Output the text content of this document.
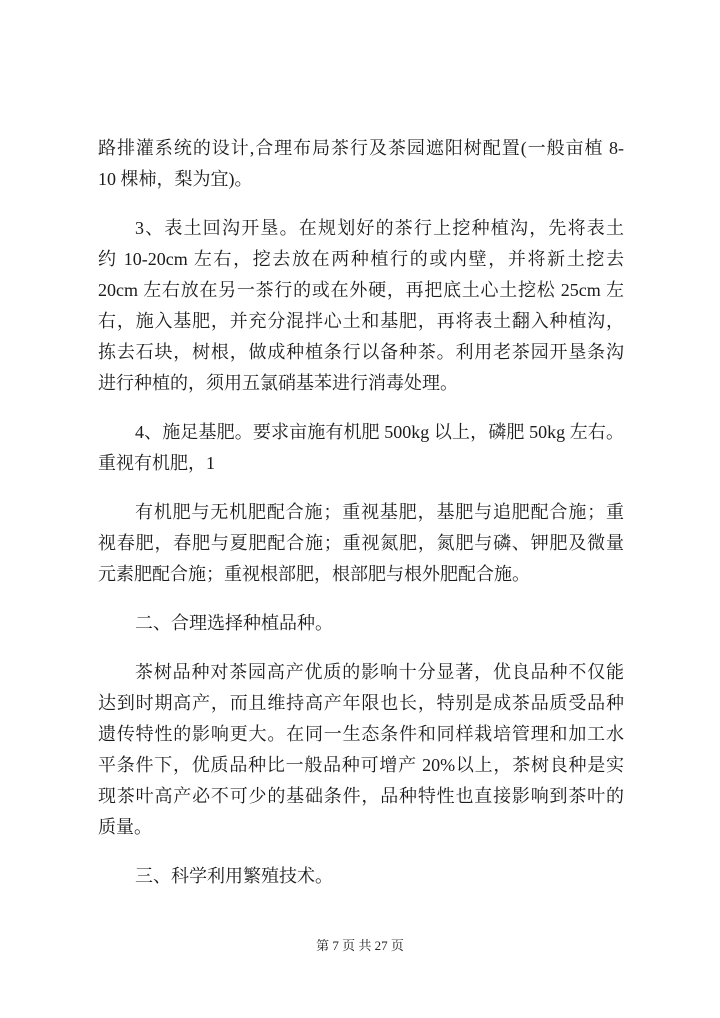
路排灌系统的设计,合理布局茶行及茶园遮阳树配置(一般亩植 8-
10 棵柿，梨为宜)。
3、表土回沟开垦。在规划好的茶行上挖种植沟，先将表土
约 10-20cm 左右，挖去放在两种植行的或内壁，并将新土挖去
20cm 左右放在另一茶行的或在外硬，再把底土心土挖松 25cm 左
右，施入基肥，并充分混拌心土和基肥，再将表土翻入种植沟，
拣去石块，树根，做成种植条行以备种茶。利用老茶园开垦条沟
进行种植的，须用五氯硝基苯进行消毒处理。
4、施足基肥。要求亩施有机肥 500kg 以上，磷肥 50kg 左右。
重视有机肥，1
有机肥与无机肥配合施；重视基肥，基肥与追肥配合施；重
视春肥，春肥与夏肥配合施；重视氮肥，氮肥与磷、钾肥及微量
元素肥配合施；重视根部肥，根部肥与根外肥配合施。
二、合理选择种植品种。
茶树品种对茶园高产优质的影响十分显著，优良品种不仅能
达到时期高产，而且维持高产年限也长，特别是成茶品质受品种
遗传特性的影响更大。在同一生态条件和同样栽培管理和加工水
平条件下，优质品种比一般品种可增产 20%以上，茶树良种是实
现茶叶高产必不可少的基础条件，品种特性也直接影响到茶叶的
质量。
三、科学利用繁殖技术。
第 7 页 共 27 页
